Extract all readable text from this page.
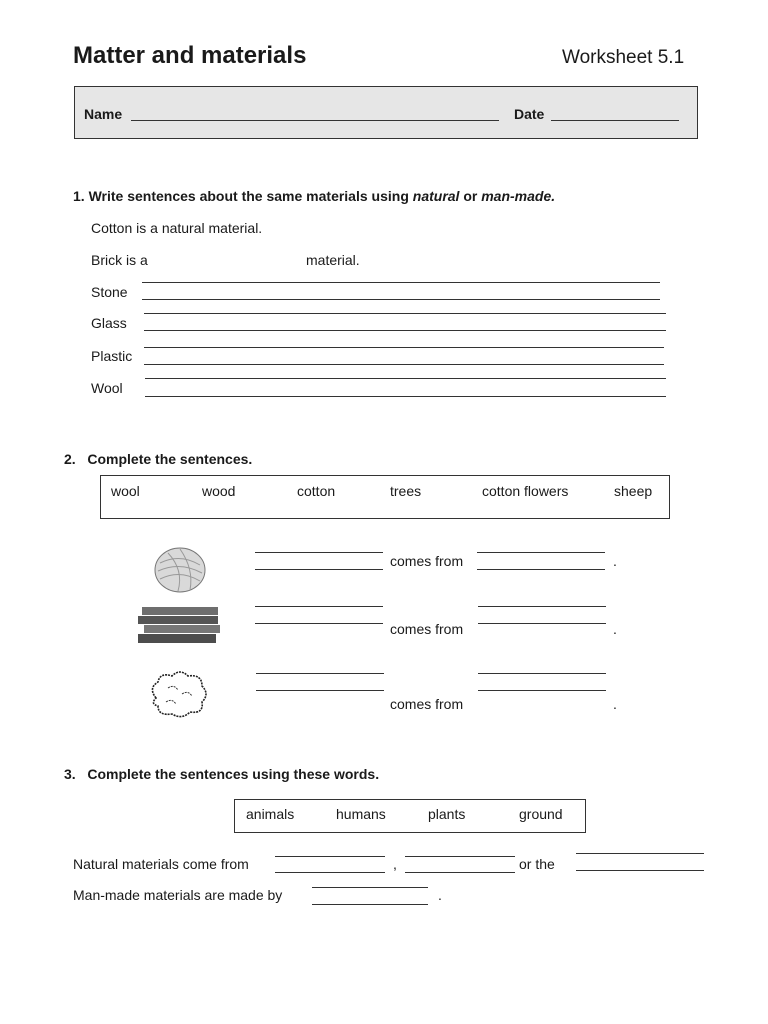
Matter and materials	Worksheet 5.1
Name	Date
1. Write sentences about the same materials using natural or man-made.
Cotton is a natural material.
Brick is a	material.
Stone
Glass
Plastic
Wool
2. Complete the sentences.
wool	wood	cotton	trees	cotton flowers	sheep
comes from	.
comes from	.
comes from	.
3. Complete the sentences using these words.
animals	humans	plants	ground
Natural materials come from	,	or the
Man-made materials are made by	.
